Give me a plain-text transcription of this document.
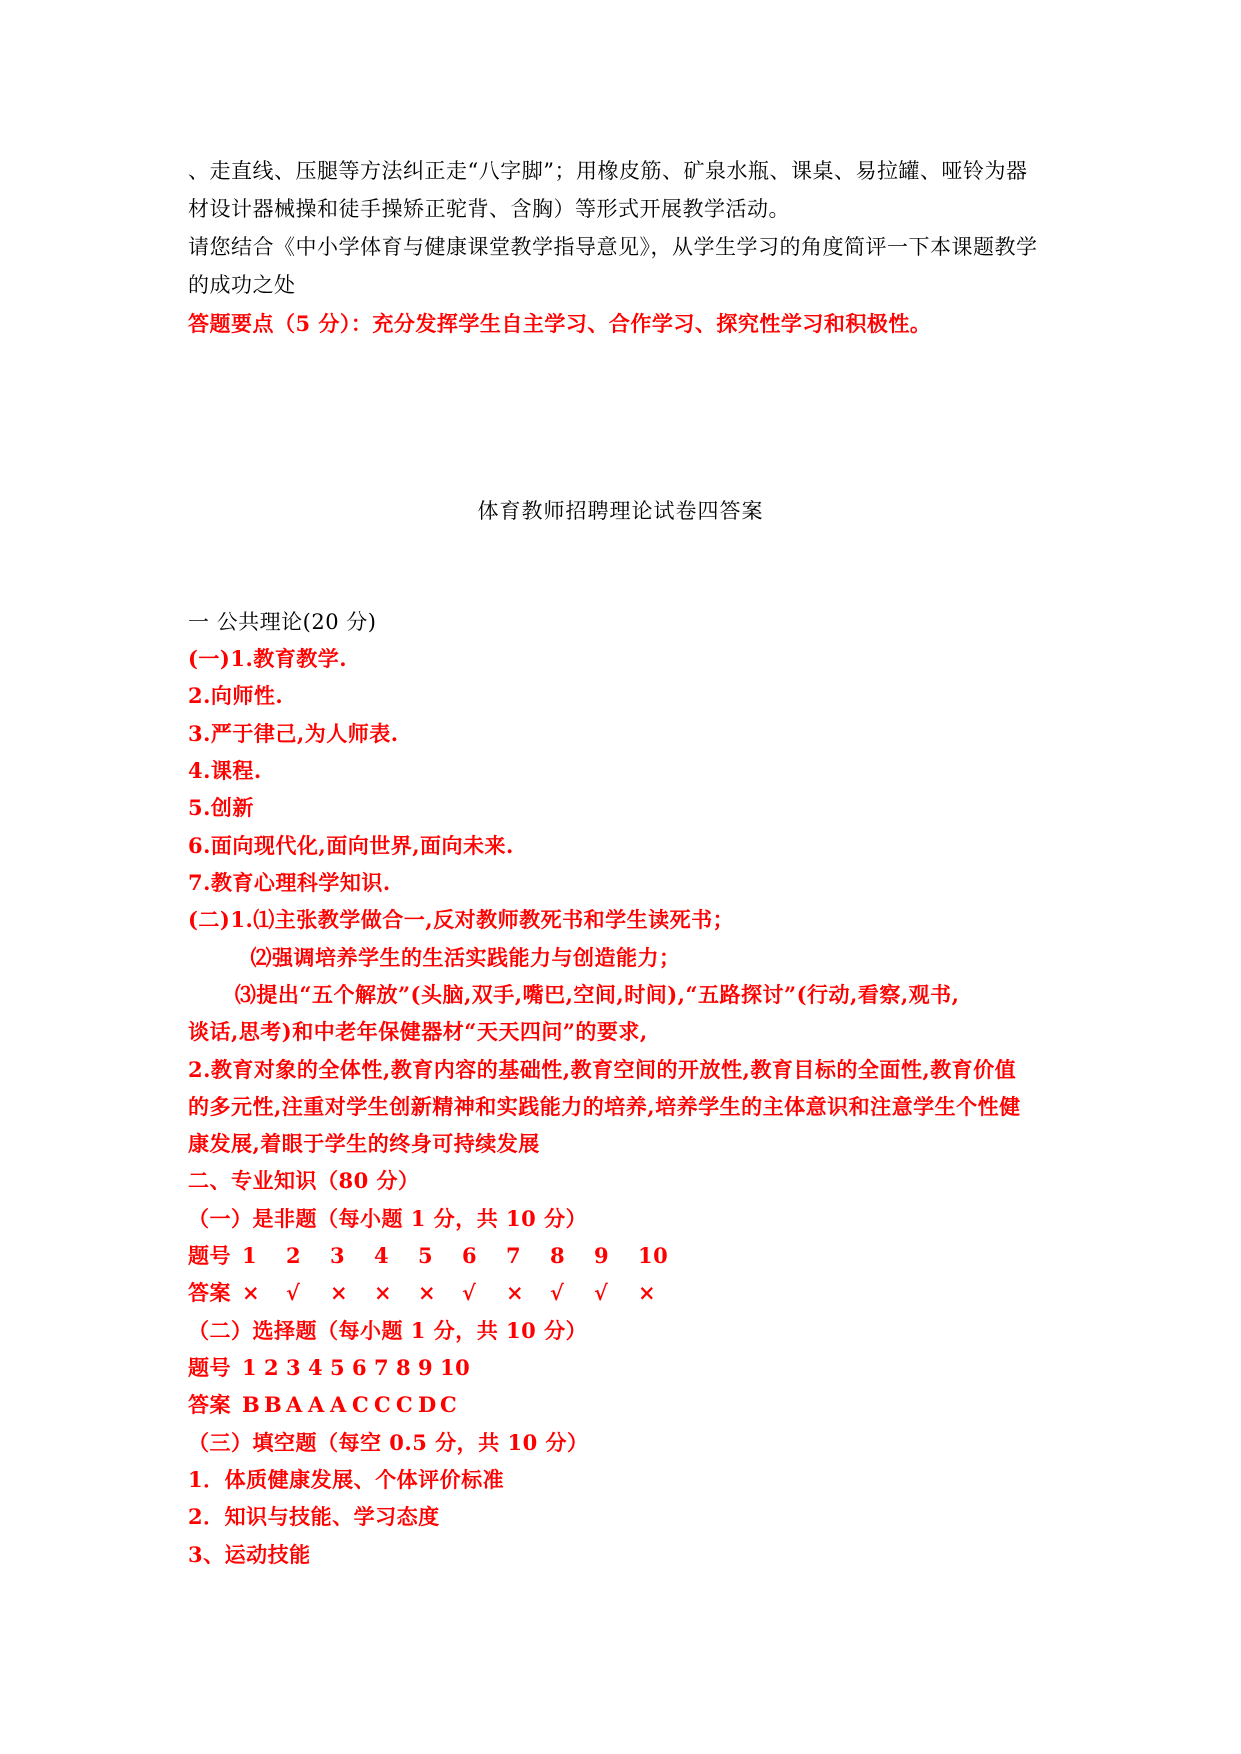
、走直线、压腿等方法纠正走“八字脚”；用橡皮筋、矿泉水瓶、课桌、易拉罐、哑铃为器
材设计器械操和徒手操矫正驼背、含胸）等形式开展教学活动。
请您结合《中小学体育与健康课堂教学指导意见》，从学生学习的角度简评一下本课题教学
的成功之处
答题要点（5 分）：充分发挥学生自主学习、合作学习、探究性学习和积极性。
体育教师招聘理论试卷四答案
一 公共理论(20 分)
(一)1.教育教学.
2.向师性.
3.严于律己,为人师表.
4.课程.
5.创新
6.面向现代化,面向世界,面向未来.
7.教育心理科学知识.
(二)1.⑴主张教学做合一,反对教师教死书和学生读死书；
⑵强调培养学生的生活实践能力与创造能力；
⑶提出“五个解放”(头脑,双手,嘴巴,空间,时间),“五路探讨”(行动,看察,观书,
谈话,思考)和中老年保健器材“天天四问”的要求,
2.教育对象的全体性,教育内容的基础性,教育空间的开放性,教育目标的全面性,教育价值
的多元性,注重对学生创新精神和实践能力的培养,培养学生的主体意识和注意学生个性健
康发展,着眼于学生的终身可持续发展
二、专业知识（80 分）
（一）是非题（每小题 1 分，共 10 分）
题号 1 2 3 4 5 6 7 8 9 10
答案 × √ × × × √ × √ √ ×
（二）选择题（每小题 1 分，共 10 分）
题号 1 2 3 4 5 6 7 8 9 10
答案 B B A A A C C C D C
（三）填空题（每空 0.5 分，共 10 分）
1．体质健康发展、个体评价标准
2．知识与技能、学习态度
3、运动技能
